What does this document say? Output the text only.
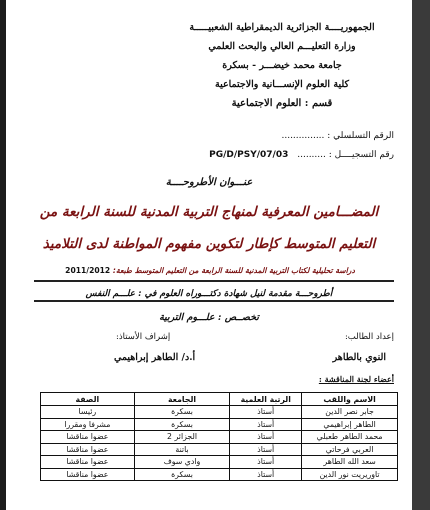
الجمهوريــــة الجزائرية الديمقراطية الشعبيـــــة
وزارة التعليـــم العالي والبحث العلمي
جامعة محمد خيضـــر - بسكرة
كلية العلوم الإنســـانية والاجتماعية
قسم : العلوم الاجتماعية
الرقم التسلسلي : ...............
رقم التسجيــــل : .......... 03/PG/D/PSY/07
عنـــوان الأطروحــــة
المضـــامين المعرفية لمنهاج التربية المدنية للسنة الرابعة من
التعليم المتوسط كإطار لتكوين مفهوم المواطنة لدى التلاميذ
دراسة تحليلية لكتاب التربية المدنية للسنة الرابعة من التعليم المتوسط طبعة: 2011/2012
أطروحـــة مقدمة لنيل شهادة دكتـــوراه العلوم في : علـــم النفس
تخصــص : علـــوم التربية
إعداد الطالب:
إشراف الأستاذ:
النوي بالطاهر
أ.د/ الطاهر إبراهيمي
أعضاء لجنة المناقشة :
الاسم واللقب	الرتبة العلمية	الجامعة	الصفة
جابر نصر الدين	أستاذ	بسكرة	رئيسا
الطاهر إبراهيمي	أستاذ	بسكرة	مشرفا ومقررا
محمد الطاهر طعبلي	أستاذ	الجزائر 2	عضوا مناقشا
العربي فرحاتي	أستاذ	باتنة	عضوا مناقشا
سعد الله الطاهر	أستاذ	وادي سوف	عضوا مناقشا
تاوريريت نور الدين	أستاذ	بسكرة	عضوا مناقشا
